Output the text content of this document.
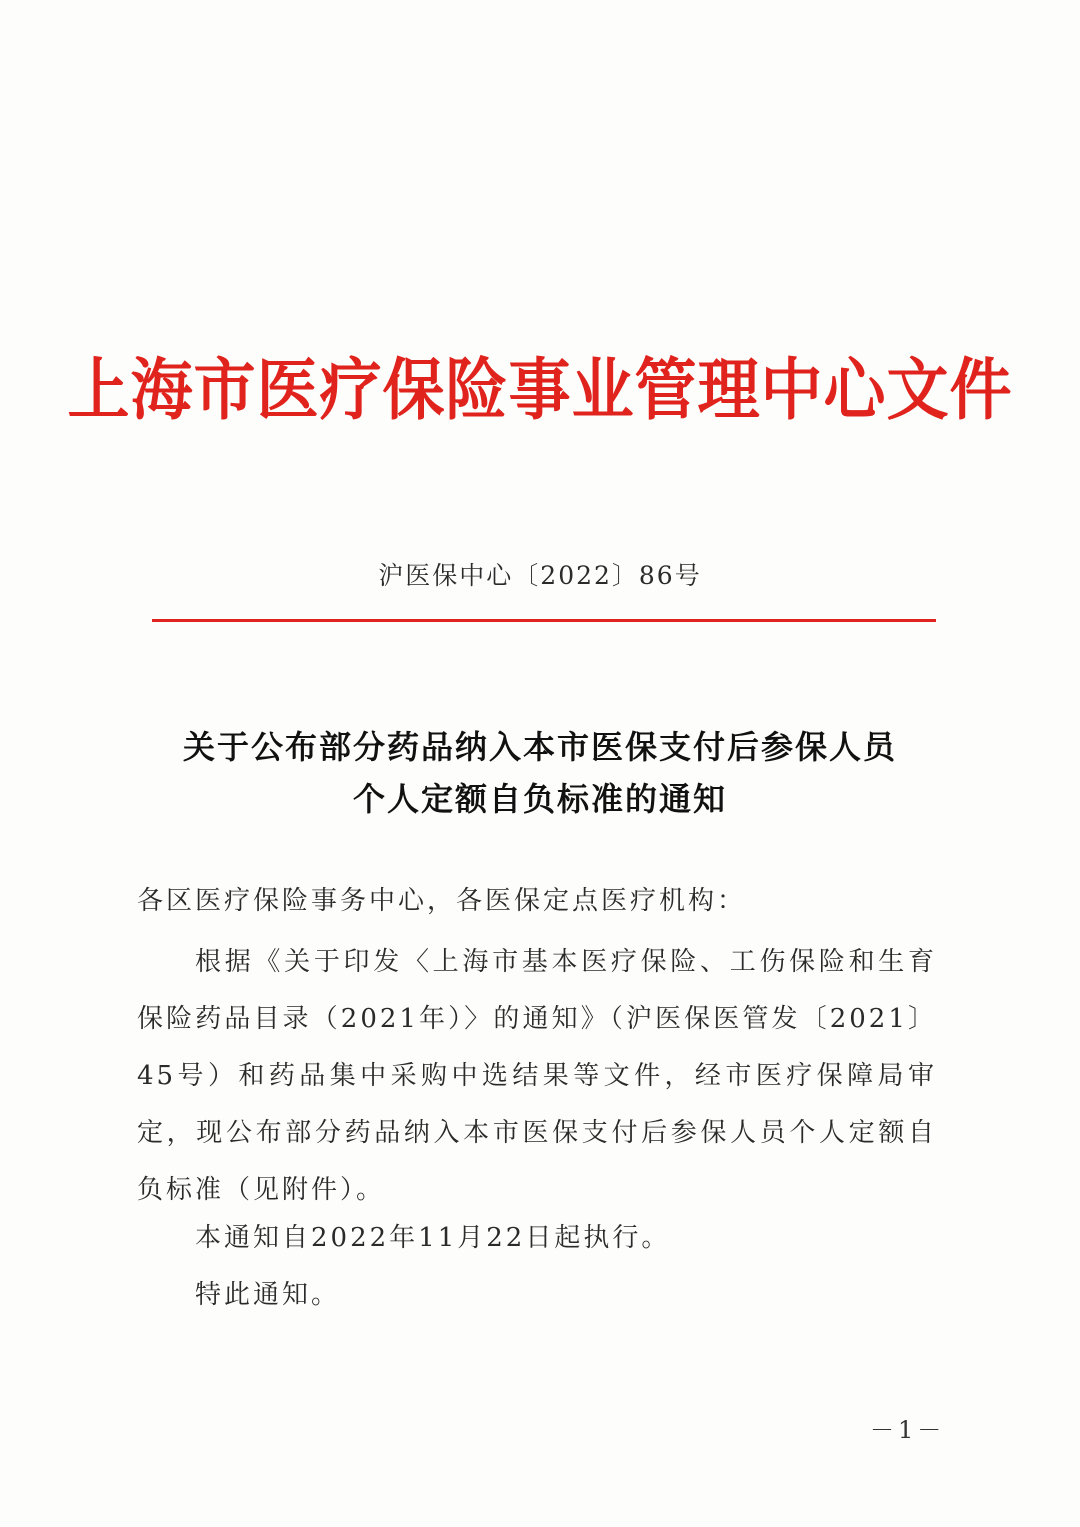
上海市医疗保险事业管理中心文件
沪医保中心〔2022〕86号
关于公布部分药品纳入本市医保支付后参保人员
个人定额自负标准的通知
各区医疗保险事务中心，各医保定点医疗机构：
根据《关于印发〈上海市基本医疗保险、工伤保险和生育保险药品目录（2021年）〉的通知》（沪医保医管发〔2021〕45号）和药品集中采购中选结果等文件，经市医疗保障局审定，现公布部分药品纳入本市医保支付后参保人员个人定额自负标准（见附件）。
本通知自2022年11月22日起执行。
特此通知。
－1－
